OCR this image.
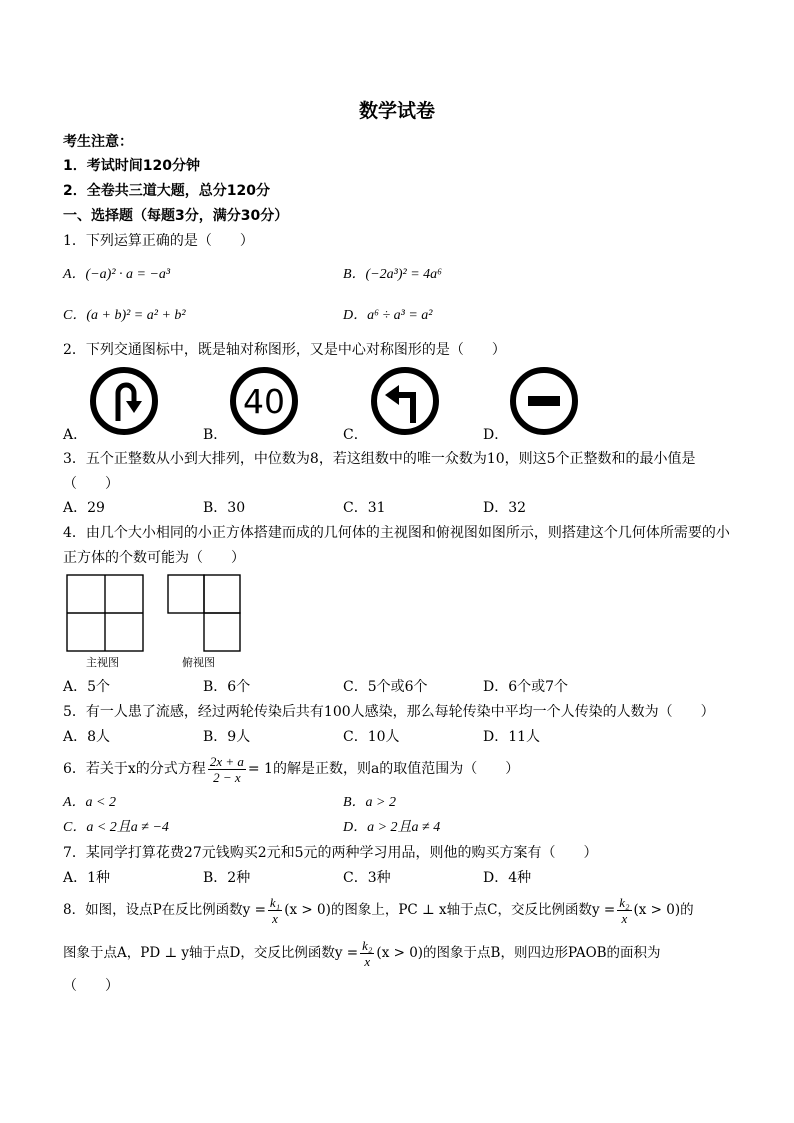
数学试卷
考生注意：
1．考试时间120分钟
2．全卷共三道大题，总分120分
一、选择题（每题3分，满分30分）
1．下列运算正确的是（　　）
A．(−a)² · a = −a³	B．(−2a³)² = 4a⁶
C．(a + b)² = a² + b²	D．a⁶ ÷ a³ = a²
2．下列交通图标中，既是轴对称图形，又是中心对称图形的是（　　）
40
A．	B．	C．	D．
3．五个正整数从小到大排列，中位数为8，若这组数中的唯一众数为10，则这5个正整数和的最小值是
（　　）
A．29	B．30	C．31	D．32
4．由几个大小相同的小正方体搭建而成的几何体的主视图和俯视图如图所示，则搭建这个几何体所需要的小
正方体的个数可能为（　　）
主视图	俯视图
A．5个	B．6个	C．5个或6个	D．6个或7个
5．有一人患了流感，经过两轮传染后共有100人感染，那么每轮传染中平均一个人传染的人数为（　　）
A．8人	B．9人	C．10人	D．11人
6．若关于x的分式方程 $\frac{2x + a}{2 - x} = 1$的解是正数，则a的取值范围为（　　）
A．a < 2	B．a > 2
C．a < 2且a ≠ −4	D．a > 2且a ≠ 4
7．某同学打算花费27元钱购买2元和5元的两种学习用品，则他的购买方案有（　　）
A．1种	B．2种	C．3种	D．4种
8．如图，设点P在反比例函数$y = \frac{\text{k₁}}{x} (x > 0)$的图象上，PC ⊥ x轴于点C，交反比例函数$y = \frac{\text{k₂}}{x} (x > 0)$的
图象于点A，PD ⊥ y轴于点D，交反比例函数$y = \frac{\text{k₂}}{x} (x > 0)$的图象于点B，则四边形PAOB的面积为
（　　）
